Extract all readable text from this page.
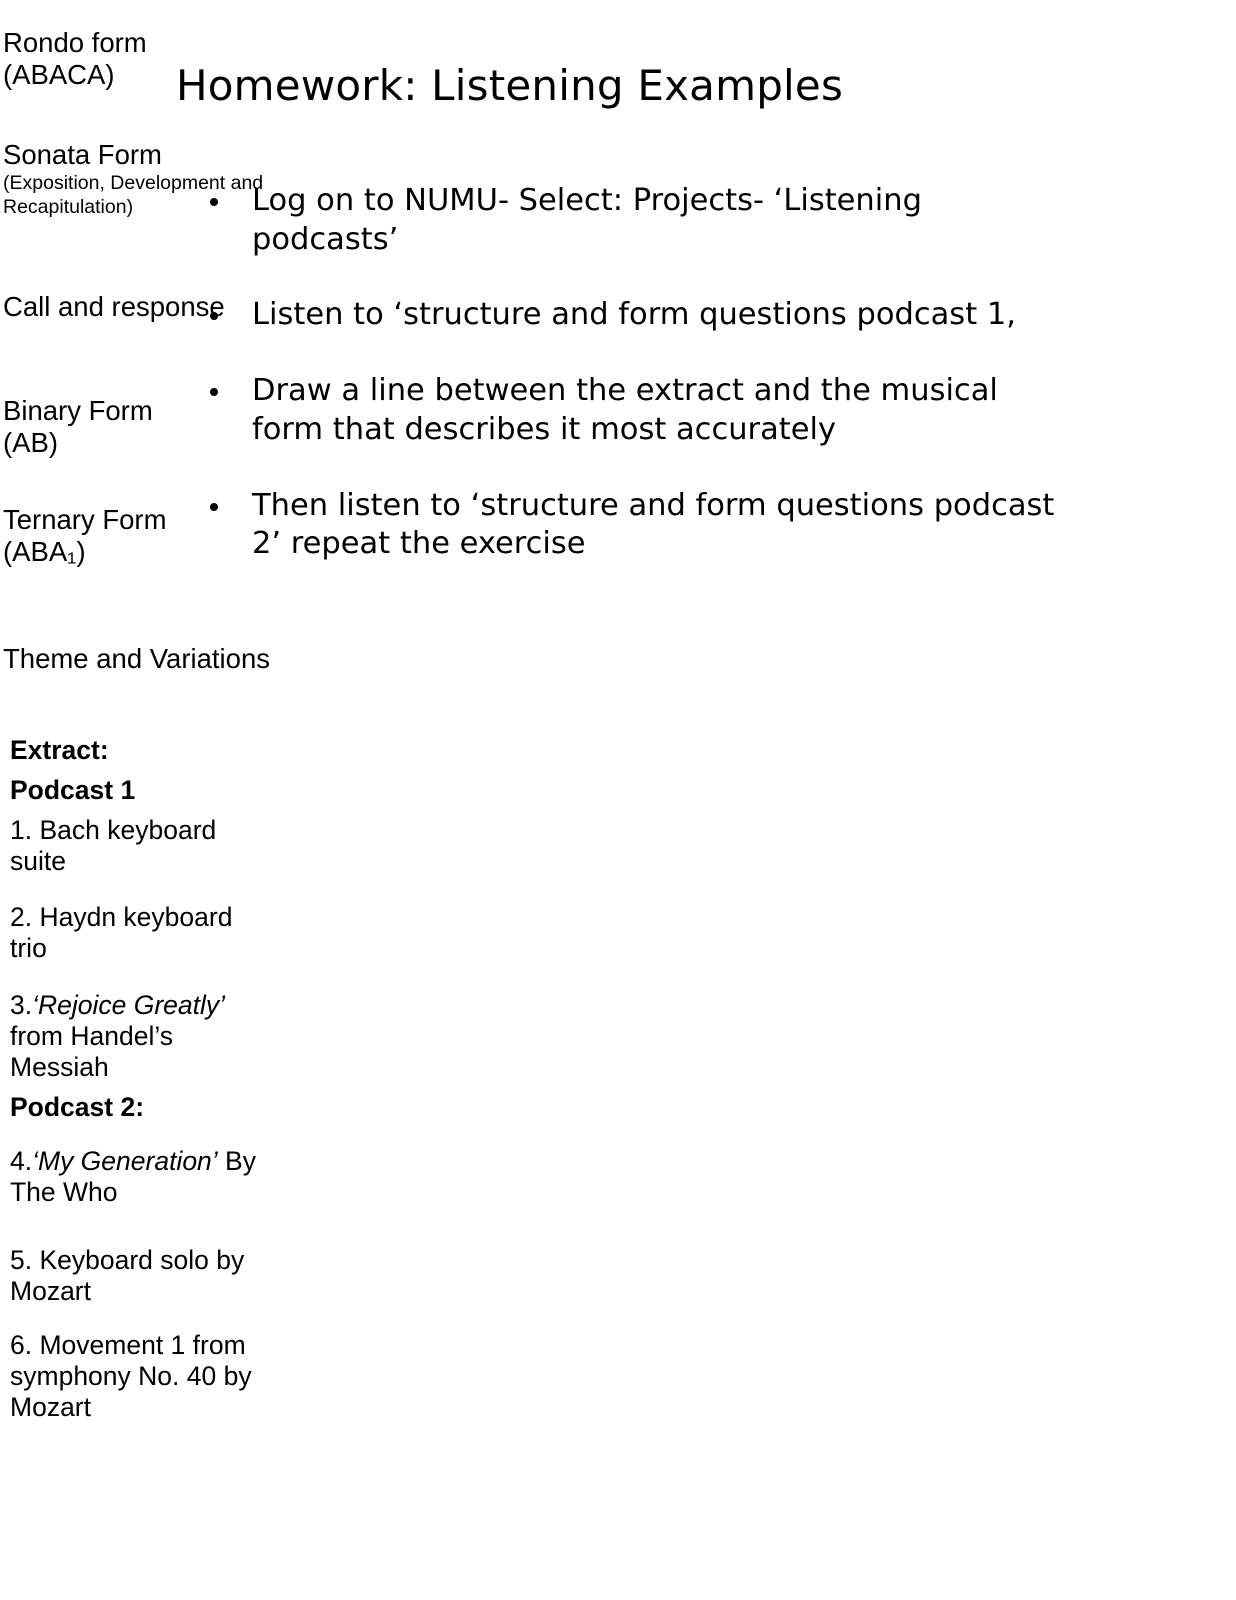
Homework: Listening Examples
Log on to NUMU- Select: Projects- ‘Listening podcasts’
Listen to ‘structure and form questions podcast 1,
Draw a line between the extract and the musical form that describes it most accurately
Then listen to ‘structure and form questions podcast 2’ repeat the exercise
Rondo form
(ABACA)

Sonata Form
(Exposition, Development and Recapitulation)

Call and response

Binary Form
(AB)

Ternary Form
(ABA₁)

Theme and Variations
Extract:
Podcast 1
1. Bach keyboard suite
2. Haydn keyboard trio
3.‘Rejoice Greatly’ from Handel’s Messiah
Podcast 2:
4.‘My Generation’ By The Who
5. Keyboard solo by Mozart
6. Movement 1 from symphony No. 40 by Mozart
